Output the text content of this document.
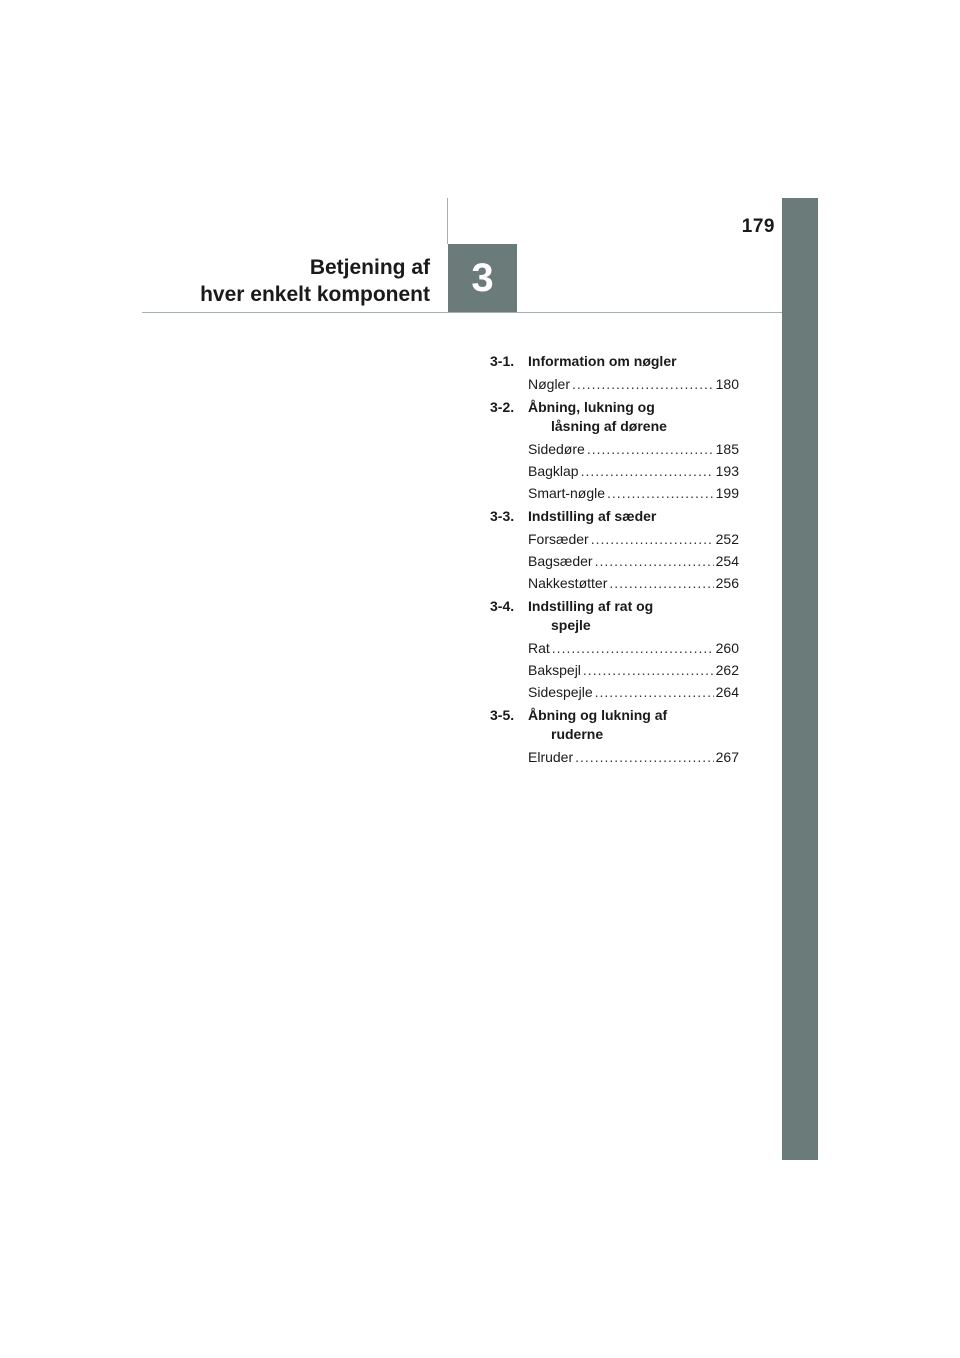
179
3
Betjening af
hver enkelt komponent
3-1. Information om nøgler
Nøgler .....	180
3-2. Åbning, lukning og
låsning af dørene
Sidedøre .....	185
Bagklap .....	193
Smart-nøgle .....	199
3-3. Indstilling af sæder
Forsæder .....	252
Bagsæder .....	254
Nakkestøtter .....	256
3-4. Indstilling af rat og
spejle
Rat .....	260
Bakspejl .....	262
Sidespejle .....	264
3-5. Åbning og lukning af
ruderne
Elruder .....	267
